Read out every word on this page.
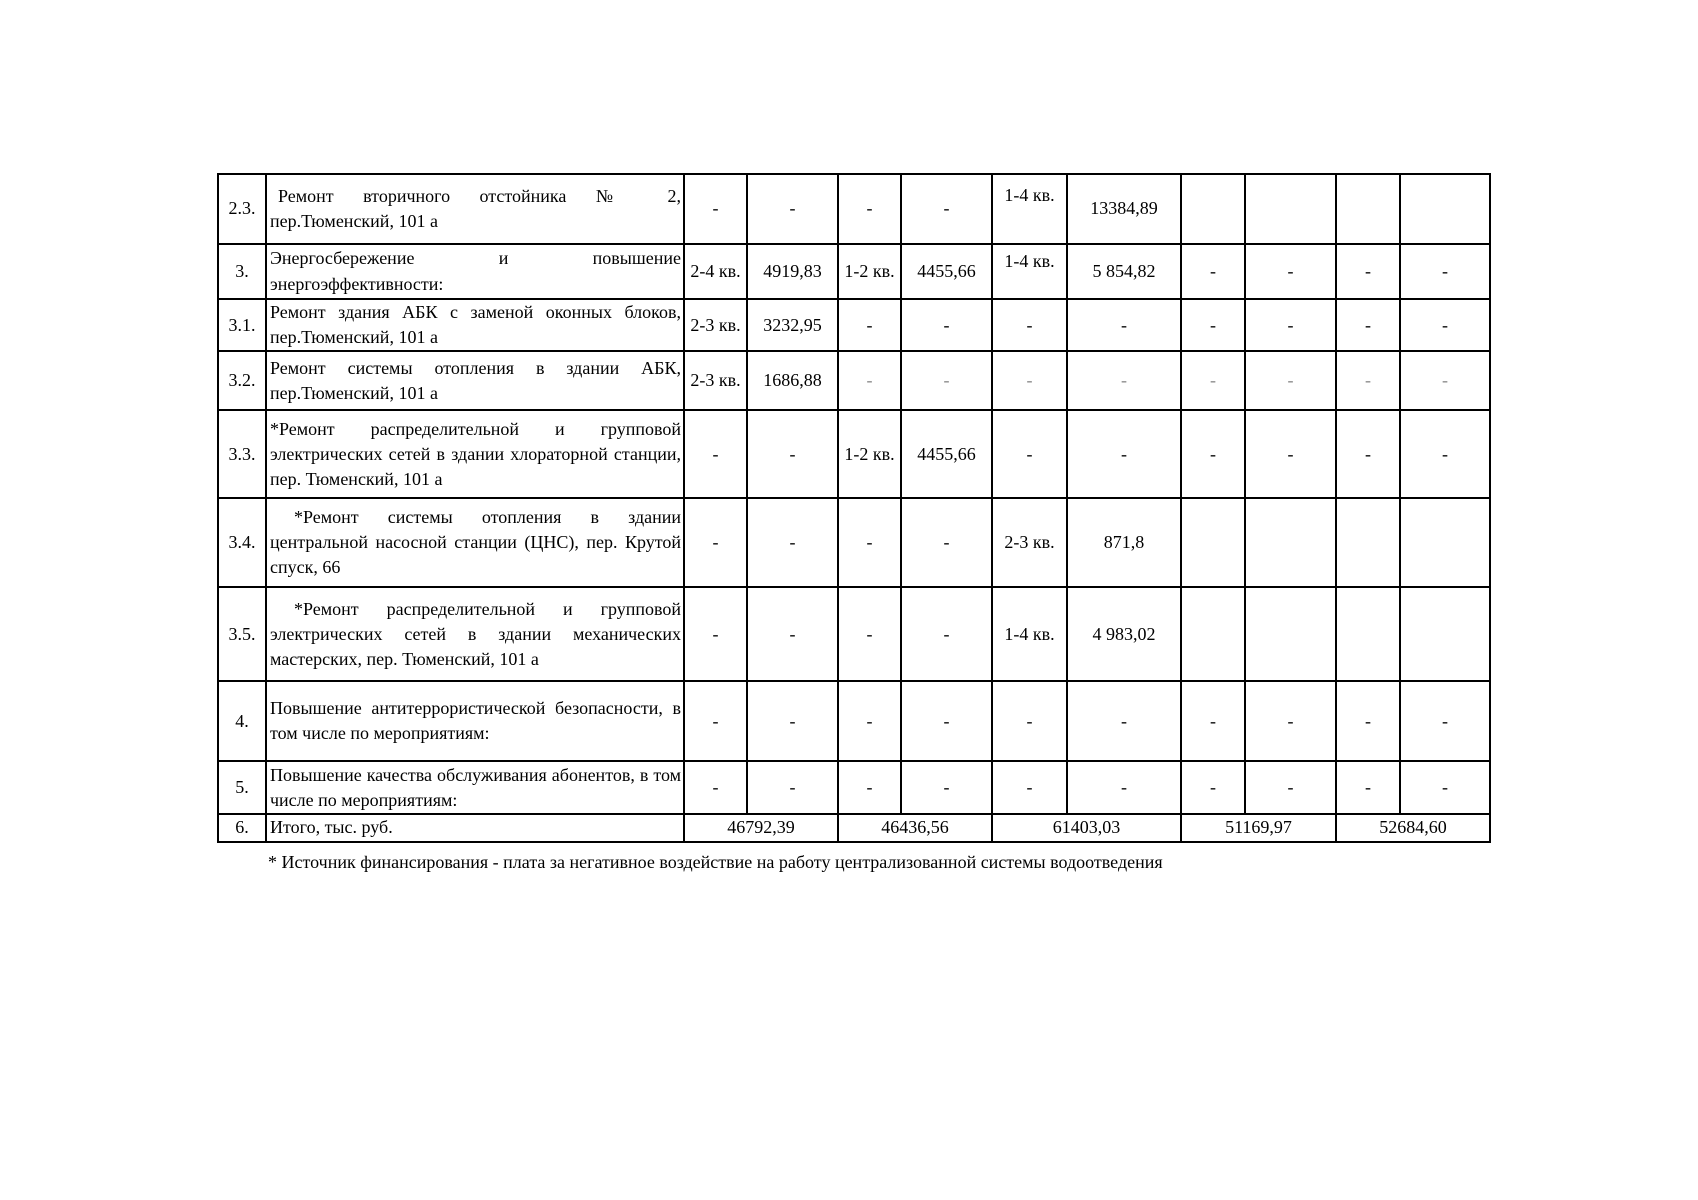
2.3.	Ремонт вторичного отстойника № 2, пер.Тюменский, 101 а	-	-	-	-	1-4 кв.	13384,89				
3.	Энергосбережение и повышение энергоэффективности:	2-4 кв.	4919,83	1-2 кв.	4455,66	1-4 кв.	5 854,82	-	-	-	-
3.1.	Ремонт здания АБК с заменой оконных блоков, пер.Тюменский, 101 а	2-3 кв.	3232,95	-	-	-	-	-	-	-	-
3.2.	Ремонт системы отопления в здании АБК, пер.Тюменский, 101 а	2-3 кв.	1686,88	-	-	-	-	-	-	-	-
3.3.	*Ремонт распределительной и групповой электрических сетей в здании хлораторной станции, пер. Тюменский, 101 а	-	-	1-2 кв.	4455,66	-	-	-	-	-	-
3.4.	*Ремонт системы отопления в здании центральной насосной станции (ЦНС), пер. Крутой спуск, 66	-	-	-	-	2-3 кв.	871,8				
3.5.	*Ремонт распределительной и групповой электрических сетей в здании механических мастерских, пер. Тюменский, 101 а	-	-	-	-	1-4 кв.	4 983,02				
4.	Повышение антитеррористической безопасности, в том числе по мероприятиям:	-	-	-	-	-	-	-	-	-	-
5.	Повышение качества обслуживания абонентов, в том числе по мероприятиям:	-	-	-	-	-	-	-	-	-	-
6.	Итого, тыс. руб.	46792,39		46436,56		61403,03		51169,97		52684,60	
* Источник финансирования - плата за негативное воздействие на работу централизованной системы водоотведения
